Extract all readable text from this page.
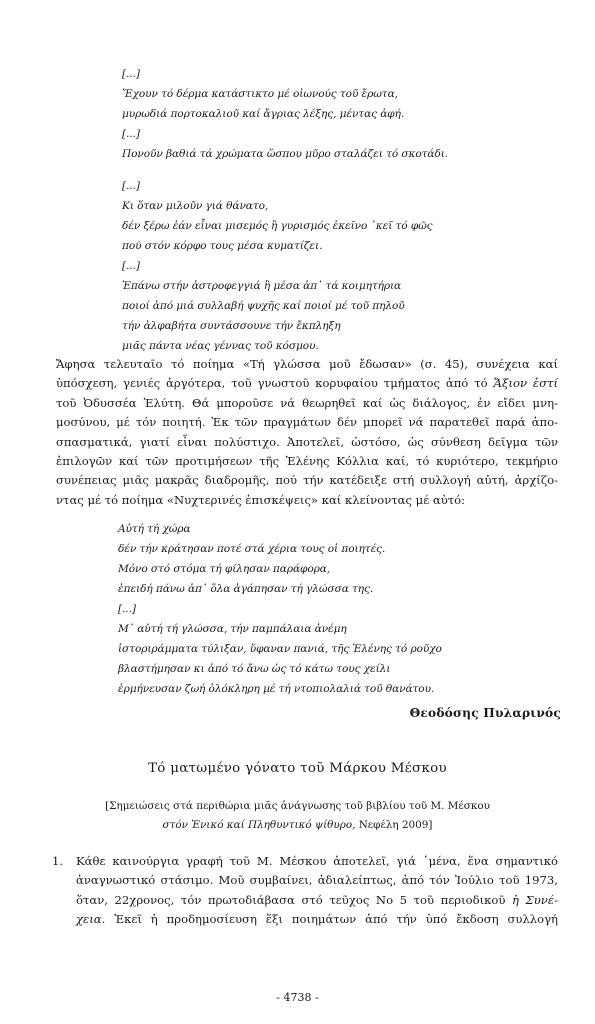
[...]
Ἔχουν τό δέρμα κατάστικτο μέ οἰωνούς τοῦ ἔρωτα,
μυρωδιά πορτοκαλιοῦ καί ἄγριας λέξης, μέντας ἀφή.
[...]
Πονοῦν βαθιά τά χρώματα ὥσπου μῦρο σταλάζει τό σκοτάδι.
[...]
Κι ὅταν μιλοῦν γιά θάνατο,
δέν ξέρω ἐάν εἶναι μισεμός ἢ γυρισμός ἐκεῖνο ᾿κεῖ τό φῶς
πού στόν κόρφο τους μέσα κυματίζει.
[...]
Ἐπάνω στήν ἀστροφεγγιά ἢ μέσα ἀπ᾿ τά κοιμητήρια
ποιοί ἀπό μιά συλλαβή ψυχῆς καί ποιοί μέ τοῦ πηλοῦ
τήν ἀλφαβήτα συντάσσουνε τήν ἔκπληξη
μιᾶς πάντα νέας γέννας τοῦ κόσμου.
Ἄφησα τελευταῖο τό ποίημα «Τή γλώσσα μοῦ ἔδωσαν» (σ. 45), συνέχεια καί
ὑπόσχεση, γενιές ἀργότερα, τοῦ γνωστοῦ κορυφαίου τμήματος ἀπό τό Ἄξιον ἐστί
τοῦ Ὀδυσσέα Ἐλύτη. Θά μποροῦσε νά θεωρηθεῖ καί ὡς διάλογος, ἐν εἴδει μνη-
μοσύνου, μέ τόν ποιητή. Ἐκ τῶν πραγμάτων δέν μπορεῖ νά παρατεθεῖ παρά ἀπο-
σπασματικά, γιατί εἶναι πολύστιχο. Ἀποτελεῖ, ὡστόσο, ὡς σύνθεση δεῖγμα τῶν
ἐπιλογῶν καί τῶν προτιμήσεων τῆς Ἑλένης Κόλλια καί, τό κυριότερο, τεκμήριο
συνέπειας μιᾶς μακρᾶς διαδρομῆς, πού τήν κατέδειξε στή συλλογή αὐτή, ἀρχίζο-
ντας μέ τό ποίημα «Νυχτερινές ἐπισκέψεις» καί κλείνοντας μέ αὐτό:
Αὐτή τή χώρα
δέν τήν κράτησαν ποτέ στά χέρια τους οἱ ποιητές.
Μόνο στό στόμα τή φίλησαν παράφορα,
ἐπειδή πάνω ἀπ᾿ ὅλα ἀγάπησαν τή γλώσσα της.
[...]
Μ᾿ αὐτή τή γλώσσα, τήν παμπάλαια ἀνέμη
ἱστοριράμματα τύλιξαν, ὕφαναν πανιά, τῆς Ἑλένης τό ροῦχο
βλαστήμησαν κι ἀπό τό ἄνω ὡς τό κάτω τους χείλι
ἑρμήνευσαν ζωή ὁλόκληρη μέ τή ντοπιολαλιά τοῦ θανάτου.
Θεοδόσης Πυλαρινός
Τό ματωμένο γόνατο τοῦ Μάρκου Μέσκου
[Σημειώσεις στά περιθώρια μιᾶς ἀνάγνωσης τοῦ βιβλίου τοῦ Μ. Μέσκου
στόν Ἑνικό καί Πληθυντικό ψίθυρο, Νεφέλη 2009]
1. Κάθε καινούργια γραφή τοῦ Μ. Μέσκου ἀποτελεῖ, γιά ᾿μένα, ἕνα σημαντικό
ἀναγνωστικό στάσιμο. Μοῦ συμβαίνει, ἀδιαλείπτως, ἀπό τόν Ἰούλιο τοῦ 1973,
ὅταν, 22χρονος, τόν πρωτοδιάβασα στό τεῦχος Νο 5 τοῦ περιοδικοῦ ἡ Συνέ-
χεια. Ἐκεῖ ἡ προδημοσίευση ἕξι ποιημάτων ἀπό τήν ὑπό ἔκδοση συλλογή
- 4738 -
